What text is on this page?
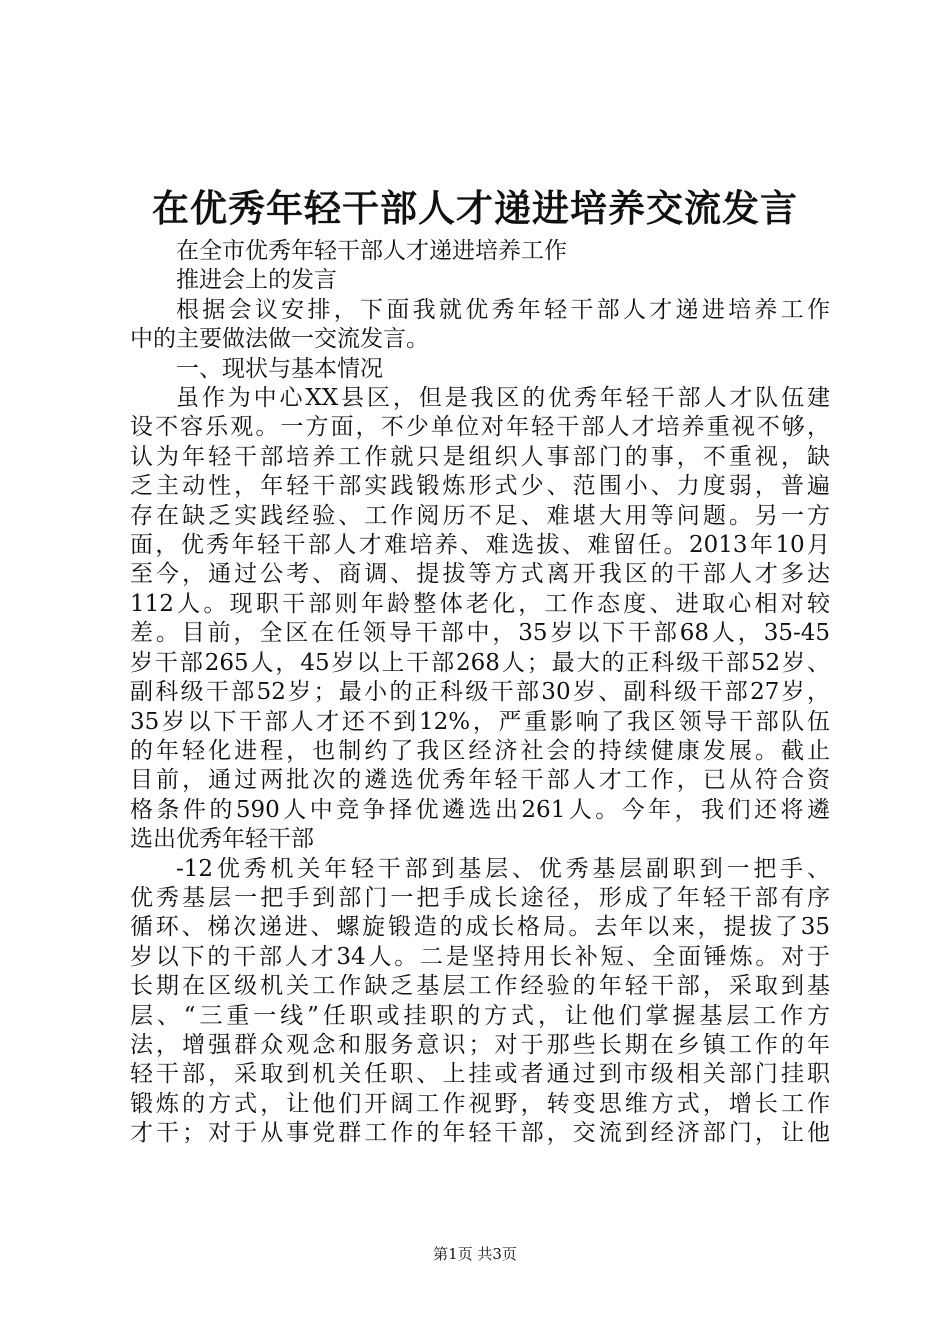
在优秀年轻干部人才递进培养交流发言

在全市优秀年轻干部人才递进培养工作
推进会上的发言

根据会议安排，下面我就优秀年轻干部人才递进培养工作
中的主要做法做一交流发言。
一、现状与基本情况
虽作为中心XX县区，但是我区的优秀年轻干部人才队伍建
设不容乐观。一方面，不少单位对年轻干部人才培养重视不够，
认为年轻干部培养工作就只是组织人事部门的事，不重视，缺
乏主动性，年轻干部实践锻炼形式少、范围小、力度弱，普遍
存在缺乏实践经验、工作阅历不足、难堪大用等问题。另一方
面，优秀年轻干部人才难培养、难选拔、难留任。2013年10月
至今，通过公考、商调、提拔等方式离开我区的干部人才多达
112人。现职干部则年龄整体老化，工作态度、进取心相对较
差。目前，全区在任领导干部中，35岁以下干部68人，35-45
岁干部265人，45岁以上干部268人；最大的正科级干部52岁、
副科级干部52岁；最小的正科级干部30岁、副科级干部27岁，
35岁以下干部人才还不到12%，严重影响了我区领导干部队伍
的年轻化进程，也制约了我区经济社会的持续健康发展。截止
目前，通过两批次的遴选优秀年轻干部人才工作，已从符合资
格条件的590人中竞争择优遴选出261人。今年，我们还将遴
选出优秀年轻干部
-12优秀机关年轻干部到基层、优秀基层副职到一把手、
优秀基层一把手到部门一把手成长途径，形成了年轻干部有序
循环、梯次递进、螺旋锻造的成长格局。去年以来，提拔了35
岁以下的干部人才34人。二是坚持用长补短、全面锤炼。对于
长期在区级机关工作缺乏基层工作经验的年轻干部，采取到基
层、“三重一线”任职或挂职的方式，让他们掌握基层工作方
法，增强群众观念和服务意识；对于那些长期在乡镇工作的年
轻干部，采取到机关任职、上挂或者通过到市级相关部门挂职
锻炼的方式，让他们开阔工作视野，转变思维方式，增长工作
才干；对于从事党群工作的年轻干部，交流到经济部门，让他
第1页 共3页
